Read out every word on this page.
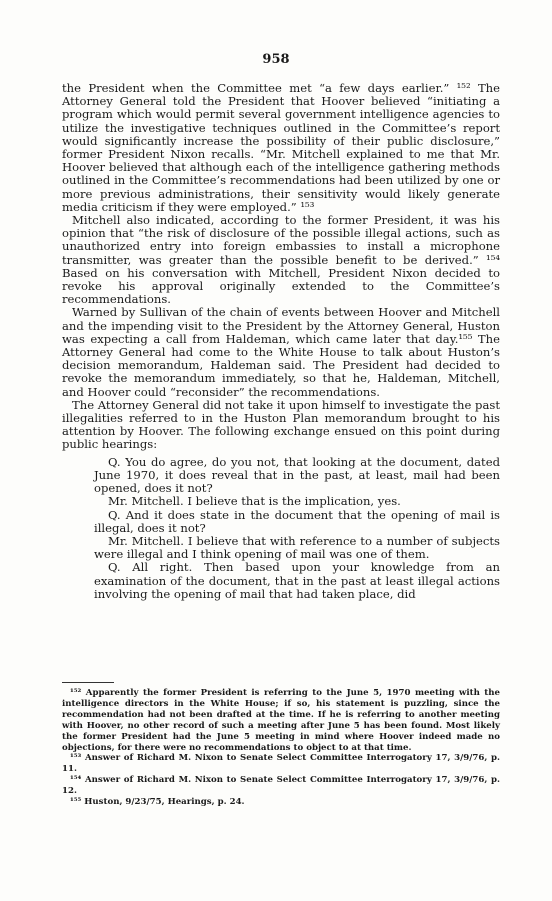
958

the President when the Committee met “a few days earlier.” ¹⁵² The Attorney General told the President that Hoover believed “initiating a program which would permit several government intelligence agencies to utilize the investigative techniques outlined in the Committee’s report would significantly increase the possibility of their public disclosure,” former President Nixon recalls. “Mr. Mitchell explained to me that Mr. Hoover believed that although each of the intelligence gathering methods outlined in the Committee’s recommendations had been utilized by one or more previous administrations, their sensitivity would likely generate media criticism if they were employed.” ¹⁵³

Mitchell also indicated, according to the former President, it was his opinion that “the risk of disclosure of the possible illegal actions, such as unauthorized entry into foreign embassies to install a microphone transmitter, was greater than the possible benefit to be derived.” ¹⁵⁴ Based on his conversation with Mitchell, President Nixon decided to revoke his approval originally extended to the Committee’s recommendations.

Warned by Sullivan of the chain of events between Hoover and Mitchell and the impending visit to the President by the Attorney General, Huston was expecting a call from Haldeman, which came later that day.¹⁵⁵ The Attorney General had come to the White House to talk about Huston’s decision memorandum, Haldeman said. The President had decided to revoke the memorandum immediately, so that he, Haldeman, Mitchell, and Hoover could “reconsider” the recommendations.

The Attorney General did not take it upon himself to investigate the past illegalities referred to in the Huston Plan memorandum brought to his attention by Hoover. The following exchange ensued on this point during public hearings:

Q. You do agree, do you not, that looking at the document, dated June 1970, it does reveal that in the past, at least, mail had been opened, does it not?

Mr. Mitchell. I believe that is the implication, yes.

Q. And it does state in the document that the opening of mail is illegal, does it not?

Mr. Mitchell. I believe that with reference to a number of subjects were illegal and I think opening of mail was one of them.

Q. All right. Then based upon your knowledge from an examination of the document, that in the past at least illegal actions involving the opening of mail that had taken place, did

¹⁵² Apparently the former President is referring to the June 5, 1970 meeting with the intelligence directors in the White House; if so, his statement is puzzling, since the recommendation had not been drafted at the time. If he is referring to another meeting with Hoover, no other record of such a meeting after June 5 has been found. Most likely the former President had the June 5 meeting in mind where Hoover indeed made no objections, for there were no recommendations to object to at that time.

¹⁵³ Answer of Richard M. Nixon to Senate Select Committee Interrogatory 17, 3/9/76, p. 11.

¹⁵⁴ Answer of Richard M. Nixon to Senate Select Committee Interrogatory 17, 3/9/76, p. 12.

¹⁵⁵ Huston, 9/23/75, Hearings, p. 24.
